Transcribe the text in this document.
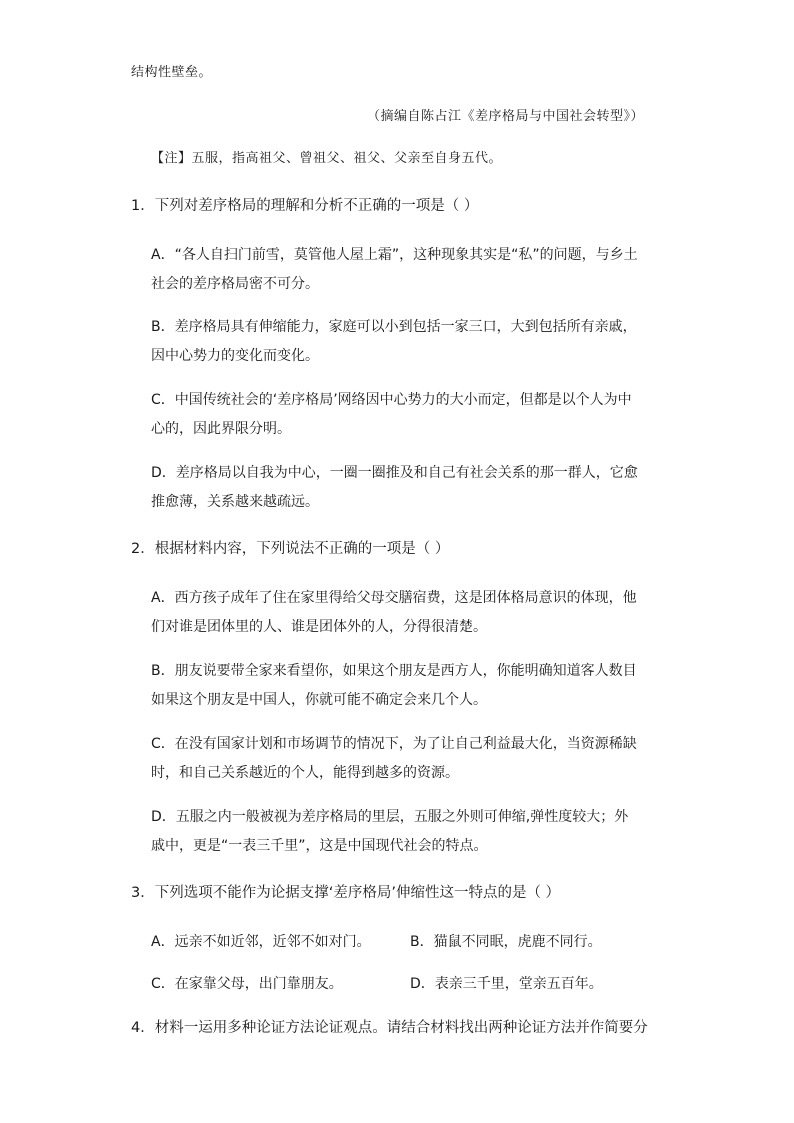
结构性壁垒。
（摘编自陈占江《差序格局与中国社会转型》）
【注】五服，指高祖父、曾祖父、祖父、父亲至自身五代。
1．下列对差序格局的理解和分析不正确的一项是（ ）
A．“各人自扫门前雪，莫管他人屋上霜”，这种现象其实是“私”的问题，与乡土
社会的差序格局密不可分。
B．差序格局具有伸缩能力，家庭可以小到包括一家三口，大到包括所有亲戚，
因中心势力的变化而变化。
C．中国传统社会的‘差序格局’网络因中心势力的大小而定，但都是以个人为中
心的，因此界限分明。
D．差序格局以自我为中心，一圈一圈推及和自己有社会关系的那一群人，它愈
推愈薄，关系越来越疏远。
2．根据材料内容，下列说法不正确的一项是（ ）
A．西方孩子成年了住在家里得给父母交膳宿费，这是团体格局意识的体现，他
们对谁是团体里的人、谁是团体外的人，分得很清楚。
B．朋友说要带全家来看望你，如果这个朋友是西方人，你能明确知道客人数目
如果这个朋友是中国人，你就可能不确定会来几个人。
C．在没有国家计划和市场调节的情况下，为了让自己利益最大化，当资源稀缺
时，和自己关系越近的个人，能得到越多的资源。
D．五服之内一般被视为差序格局的里层，五服之外则可伸缩,弹性度较大；外
戚中，更是“一表三千里”，这是中国现代社会的特点。
3．下列选项不能作为论据支撑‘差序格局’伸缩性这一特点的是（ ）
A．远亲不如近邻，近邻不如对门。	B．猫鼠不同眠，虎鹿不同行。
C．在家靠父母，出门靠朋友。	D．表亲三千里，堂亲五百年。
4．材料一运用多种论证方法论证观点。请结合材料找出两种论证方法并作简要分
